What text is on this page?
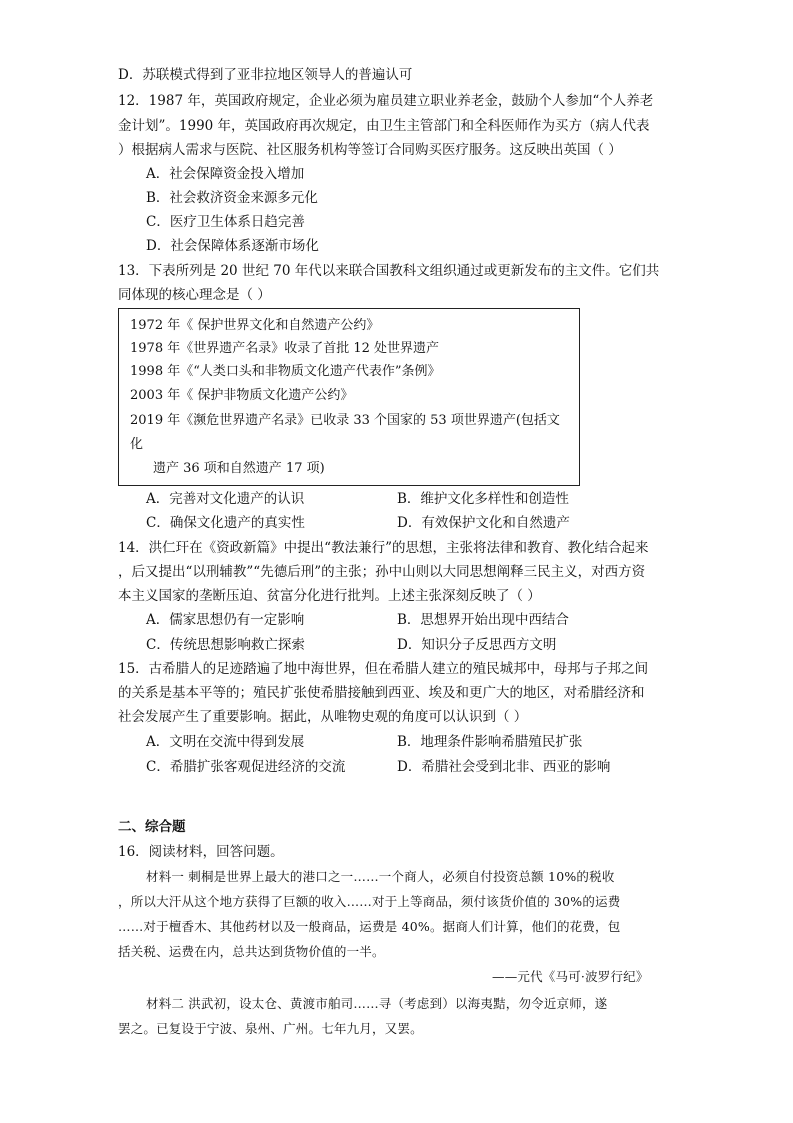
D．苏联模式得到了亚非拉地区领导人的普遍认可
12．1987 年，英国政府规定，企业必须为雇员建立职业养老金，鼓励个人参加“个人养老
金计划”。1990 年，英国政府再次规定，由卫生主管部门和全科医师作为买方（病人代表
）根据病人需求与医院、社区服务机构等签订合同购买医疗服务。这反映出英国（ ）
A．社会保障资金投入增加
B．社会救济资金来源多元化
C．医疗卫生体系日趋完善
D．社会保障体系逐渐市场化
13．下表所列是 20 世纪 70 年代以来联合国教科文组织通过或更新发布的主文件。它们共
同体现的核心理念是（ ）
1972 年《 保护世界文化和自然遗产公约》
1978 年《世界遗产名录》收录了首批 12 处世界遗产
1998 年《“人类口头和非物质文化遗产代表作”条例》
2003 年《 保护非物质文化遗产公约》
2019 年《濒危世界遗产名录》已收录 33 个国家的 53 项世界遗产(包括文
化
遗产 36 项和自然遗产 17 项)
A．完善对文化遗产的认识	B．维护文化多样性和创造性
C．确保文化遗产的真实性	D．有效保护文化和自然遗产
14．洪仁玕在《资政新篇》中提出“教法兼行”的思想，主张将法律和教育、教化结合起来
，后又提出“以刑辅教”“先德后刑”的主张；孙中山则以大同思想阐释三民主义，对西方资
本主义国家的垄断压迫、贫富分化进行批判。上述主张深刻反映了（ ）
A．儒家思想仍有一定影响	B．思想界开始出现中西结合
C．传统思想影响救亡探索	D．知识分子反思西方文明
15．古希腊人的足迹踏遍了地中海世界，但在希腊人建立的殖民城邦中，母邦与子邦之间
的关系是基本平等的；殖民扩张使希腊接触到西亚、埃及和更广大的地区，对希腊经济和
社会发展产生了重要影响。据此，从唯物史观的角度可以认识到（ ）
A．文明在交流中得到发展	B．地理条件影响希腊殖民扩张
C．希腊扩张客观促进经济的交流	D．希腊社会受到北非、西亚的影响
二、综合题
16．阅读材料，回答问题。
材料一 刺桐是世界上最大的港口之一……一个商人，必须自付投资总额 10%的税收
，所以大汗从这个地方获得了巨额的收入……对于上等商品，须付该货价值的 30%的运费
……对于檀香木、其他药材以及一般商品，运费是 40%。据商人们计算，他们的花费，包
括关税、运费在内，总共达到货物价值的一半。
——元代《马可·波罗行纪》
材料二 洪武初，设太仓、黄渡市舶司……寻（考虑到）以海夷黠，勿令近京师，遂
罢之。已复设于宁波、泉州、广州。七年九月，又罢。
